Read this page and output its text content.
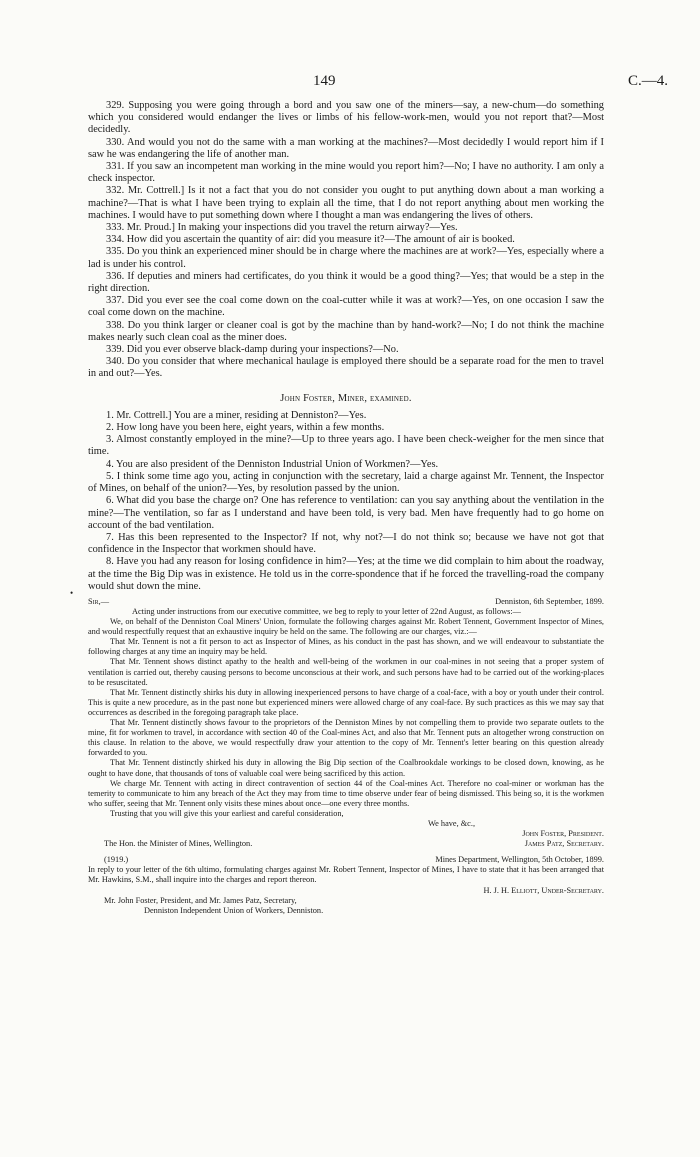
149	C.—4.
•

329. Supposing you were going through a bord and you saw one of the miners—say, a new-chum—do something which you considered would endanger the lives or limbs of his fellow-work-men, would you not report that?—Most decidedly.

330. And would you not do the same with a man working at the machines?—Most decidedly I would report him if I saw he was endangering the life of another man.

331. If you saw an incompetent man working in the mine would you report him?—No; I have no authority. I am only a check inspector.

332. Mr. Cottrell.] Is it not a fact that you do not consider you ought to put anything down about a man working a machine?—That is what I have been trying to explain all the time, that I do not report anything about men working the machines. I would have to put something down where I thought a man was endangering the lives of others.

333. Mr. Proud.] In making your inspections did you travel the return airway?—Yes.

334. How did you ascertain the quantity of air: did you measure it?—The amount of air is booked.

335. Do you think an experienced miner should be in charge where the machines are at work?—Yes, especially where a lad is under his control.

336. If deputies and miners had certificates, do you think it would be a good thing?—Yes; that would be a step in the right direction.

337. Did you ever see the coal come down on the coal-cutter while it was at work?—Yes, on one occasion I saw the coal come down on the machine.

338. Do you think larger or cleaner coal is got by the machine than by hand-work?—No; I do not think the machine makes nearly such clean coal as the miner does.

339. Did you ever observe black-damp during your inspections?—No.

340. Do you consider that where mechanical haulage is employed there should be a separate road for the men to travel in and out?—Yes.

John Foster, Miner, examined.

1. Mr. Cottrell.] You are a miner, residing at Denniston?—Yes.

2. How long have you been here, eight years, within a few months.

3. Almost constantly employed in the mine?—Up to three years ago. I have been check-weigher for the men since that time.

4. You are also president of the Denniston Industrial Union of Workmen?—Yes.

5. I think some time ago you, acting in conjunction with the secretary, laid a charge against Mr. Tennent, the Inspector of Mines, on behalf of the union?—Yes, by resolution passed by the union.

6. What did you base the charge on? One has reference to ventilation: can you say anything about the ventilation in the mine?—The ventilation, so far as I understand and have been told, is very bad. Men have frequently had to go home on account of the bad ventilation.

7. Has this been represented to the Inspector? If not, why not?—I do not think so; because we have not got that confidence in the Inspector that workmen should have.

8. Have you had any reason for losing confidence in him?—Yes; at the time we did complain to him about the roadway, at the time the Big Dip was in existence. He told us in the corre-spondence that if he forced the travelling-road the company would shut down the mine.

Sir,—	Denniston, 6th September, 1899.

Acting under instructions from our executive committee, we beg to reply to your letter of 22nd August, as follows:—

We, on behalf of the Denniston Coal Miners' Union, formulate the following charges against Mr. Robert Tennent, Government Inspector of Mines, and would respectfully request that an exhaustive inquiry be held on the same. The following are our charges, viz.:—

That Mr. Tennent is not a fit person to act as Inspector of Mines, as his conduct in the past has shown, and we will endeavour to substantiate the following charges at any time an inquiry may be held.

That Mr. Tennent shows distinct apathy to the health and well-being of the workmen in our coal-mines in not seeing that a proper system of ventilation is carried out, thereby causing persons to become unconscious at their work, and such persons have had to be carried out of the working-places to be resuscitated.

That Mr. Tennent distinctly shirks his duty in allowing inexperienced persons to have charge of a coal-face, with a boy or youth under their control. This is quite a new procedure, as in the past none but experienced miners were allowed charge of any coal-face. By such practices as this we may say that occurrences as described in the foregoing paragraph take place.

That Mr. Tennent distinctly shows favour to the proprietors of the Denniston Mines by not compelling them to provide two separate outlets to the mine, fit for workmen to travel, in accordance with section 40 of the Coal-mines Act, and also that Mr. Tennent puts an altogether wrong construction on this clause. In relation to the above, we would respectfully draw your attention to the copy of Mr. Tennent's letter bearing on this question already forwarded to you.

That Mr. Tennent distinctly shirked his duty in allowing the Big Dip section of the Coalbrookdale workings to be closed down, knowing, as he ought to have done, that thousands of tons of valuable coal were being sacrificed by this action.

We charge Mr. Tennent with acting in direct contravention of section 44 of the Coal-mines Act. Therefore no coal-miner or workman has the temerity to communicate to him any breach of the Act they may from time to time observe under fear of being dismissed. This being so, it is the workmen who suffer, seeing that Mr. Tennent only visits these mines about once—one every three months.

Trusting that you will give this your earliest and careful consideration,

We have, &c.,
John Foster, President.
The Hon. the Minister of Mines, Wellington.	James Patz, Secretary.
(1919.)	Mines Department, Wellington, 5th October, 1899.

In reply to your letter of the 6th ultimo, formulating charges against Mr. Robert Tennent, Inspector of Mines, I have to state that it has been arranged that Mr. Hawkins, S.M., shall inquire into the charges and report thereon.

H. J. H. Elliott, Under-Secretary.
Mr. John Foster, President, and Mr. James Patz, Secretary,
Denniston Independent Union of Workers, Denniston.
